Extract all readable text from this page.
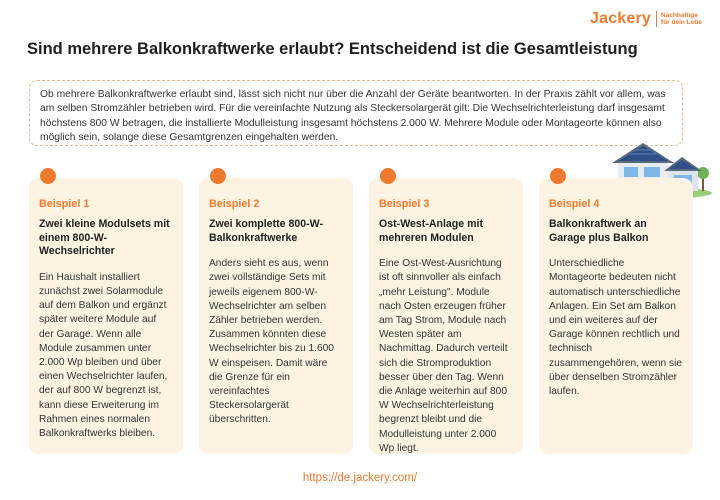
Jackery Nachhaltige
für dein Lebe
Sind mehrere Balkonkraftwerke erlaubt? Entscheidend ist die Gesamtleistung
Ob mehrere Balkonkraftwerke erlaubt sind, lässt sich nicht nur über die Anzahl der Geräte beantworten. In der Praxis zählt vor allem, was am selben Stromzähler betrieben wird. Für die vereinfachte Nutzung als Steckersolargerät gilt: Die Wechselrichterleistung darf insgesamt höchstens 800 W betragen, die installierte Modulleistung insgesamt höchstens 2.000 W. Mehrere Module oder Montageorte können also möglich sein, solange diese Gesamtgrenzen eingehalten werden.

Beispiel 1

Zwei kleine Modulsets mit einem 800-W-Wechselrichter

Ein Haushalt installiert zunächst zwei Solarmodule auf dem Balkon und ergänzt später weitere Module auf der Garage. Wenn alle Module zusammen unter 2.000 Wp bleiben und über einen Wechselrichter laufen, der auf 800 W begrenzt ist, kann diese Erweiterung im Rahmen eines normalen Balkonkraftwerks bleiben.

Beispiel 2

Zwei komplette 800-W-Balkonkraftwerke

Anders sieht es aus, wenn zwei vollständige Sets mit jeweils eigenem 800-W-Wechselrichter am selben Zähler betrieben werden. Zusammen könnten diese Wechselrichter bis zu 1.600 W einspeisen. Damit wäre die Grenze für ein vereinfachtes Steckersolargerät überschritten.

Beispiel 3

Ost-West-Anlage mit mehreren Modulen

Eine Ost-West-Ausrichtung ist oft sinnvoller als einfach „mehr Leistung". Module nach Osten erzeugen früher am Tag Strom, Module nach Westen später am Nachmittag. Dadurch verteilt sich die Stromproduktion besser über den Tag. Wenn die Anlage weiterhin auf 800 W Wechselrichterleistung begrenzt bleibt und die Modulleistung unter 2.000 Wp liegt.

Beispiel 4

Balkonkraftwerk an Garage plus Balkon

Unterschiedliche Montageorte bedeuten nicht automatisch unterschiedliche Anlagen. Ein Set am Balkon und ein weiteres auf der Garage können rechtlich und technisch zusammengehören, wenn sie über denselben Stromzähler laufen.

https://de.jackery.com/
